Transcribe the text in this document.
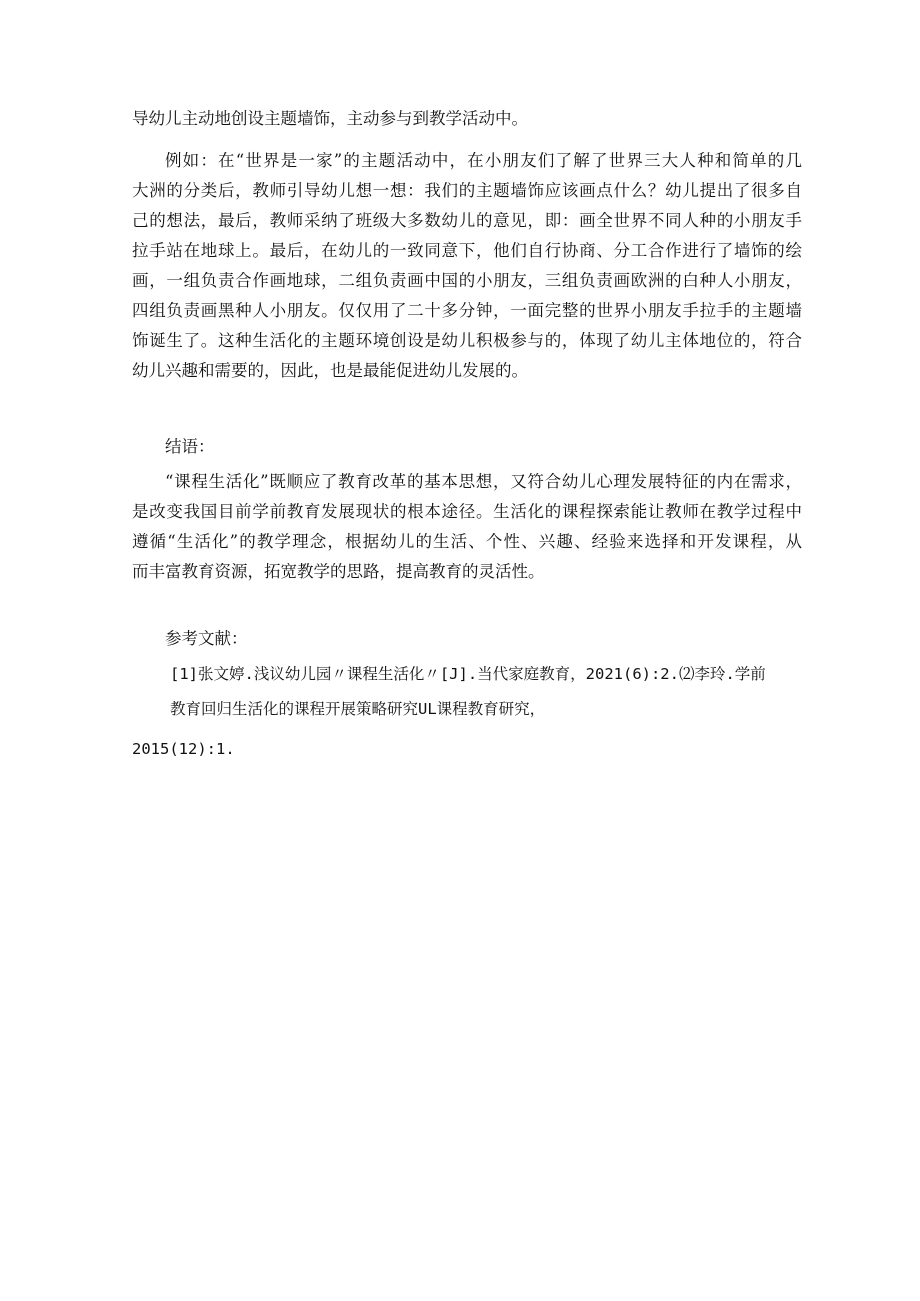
导幼儿主动地创设主题墙饰，主动参与到教学活动中。
例如：在“世界是一家”的主题活动中，在小朋友们了解了世界三大人种和简单的几
大洲的分类后，教师引导幼儿想一想：我们的主题墙饰应该画点什么？幼儿提出了很多自
己的想法，最后，教师采纳了班级大多数幼儿的意见，即：画全世界不同人种的小朋友手
拉手站在地球上。最后，在幼儿的一致同意下，他们自行协商、分工合作进行了墙饰的绘
画，一组负责合作画地球，二组负责画中国的小朋友，三组负责画欧洲的白种人小朋友，
四组负责画黑种人小朋友。仅仅用了二十多分钟，一面完整的世界小朋友手拉手的主题墙
饰诞生了。这种生活化的主题环境创设是幼儿积极参与的，体现了幼儿主体地位的，符合
幼儿兴趣和需要的，因此，也是最能促进幼儿发展的。
结语：
“课程生活化”既顺应了教育改革的基本思想，又符合幼儿心理发展特征的内在需求，
是改变我国目前学前教育发展现状的根本途径。生活化的课程探索能让教师在教学过程中
遵循“生活化”的教学理念，根据幼儿的生活、个性、兴趣、经验来选择和开发课程，从
而丰富教育资源，拓宽教学的思路，提高教育的灵活性。
参考文献：
[1]张文婷.浅议幼儿园〃课程生活化〃[J].当代家庭教育，2021(6):2.⑵李玲.学前
教育回归生活化的课程开展策略研究UL课程教育研究，
2015(12):1.
